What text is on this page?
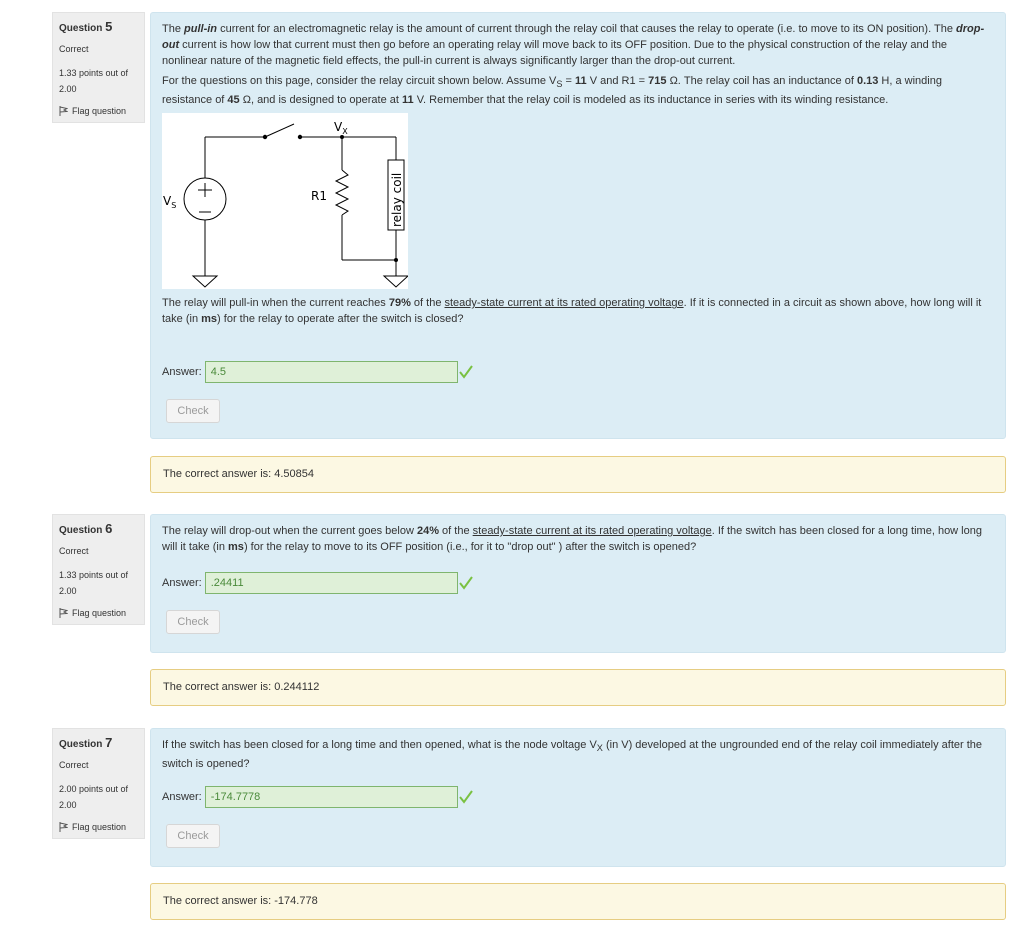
Question 5
Correct
1.33 points out of 2.00
Flag question

The pull-in current for an electromagnetic relay is the amount of current through the relay coil that causes the relay to operate (i.e. to move to its ON position). The drop-out current is how low that current must then go before an operating relay will move back to its OFF position. Due to the physical construction of the relay and the nonlinear nature of the magnetic field effects, the pull-in current is always significantly larger than the drop-out current.

For the questions on this page, consider the relay circuit shown below. Assume $V_S = 11$ V and R1 = 715 Ω. The relay coil has an inductance of 0.13 H, a winding resistance of 45 Ω, and is designed to operate at 11 V. Remember that the relay coil is modeled as its inductance in series with its winding resistance.

$V_X$
$V_S$
R1	relay coil
The relay will pull-in when the current reaches 79% of the steady-state current at its rated operating voltage. If it is connected in a circuit as shown above, how long will it take (in ms) for the relay to operate after the switch is closed?
Answer:
4.5
Check
The correct answer is: 4.50854
Question 6
Correct
1.33 points out of 2.00
Flag question
The relay will drop-out when the current goes below 24% of the steady-state current at its rated operating voltage. If the switch has been closed for a long time, how long will it take (in ms) for the relay to move to its OFF position (i.e., for it to "drop out" ) after the switch is opened?
Answer:
.24411
Check
The correct answer is: 0.244112
Question 7
Correct
2.00 points out of 2.00
Flag question
If the switch has been closed for a long time and then opened, what is the node voltage $V_X$ (in V) developed at the ungrounded end of the relay coil immediately after the switch is opened?
Answer:
-174.7778
Check
The correct answer is: -174.778
